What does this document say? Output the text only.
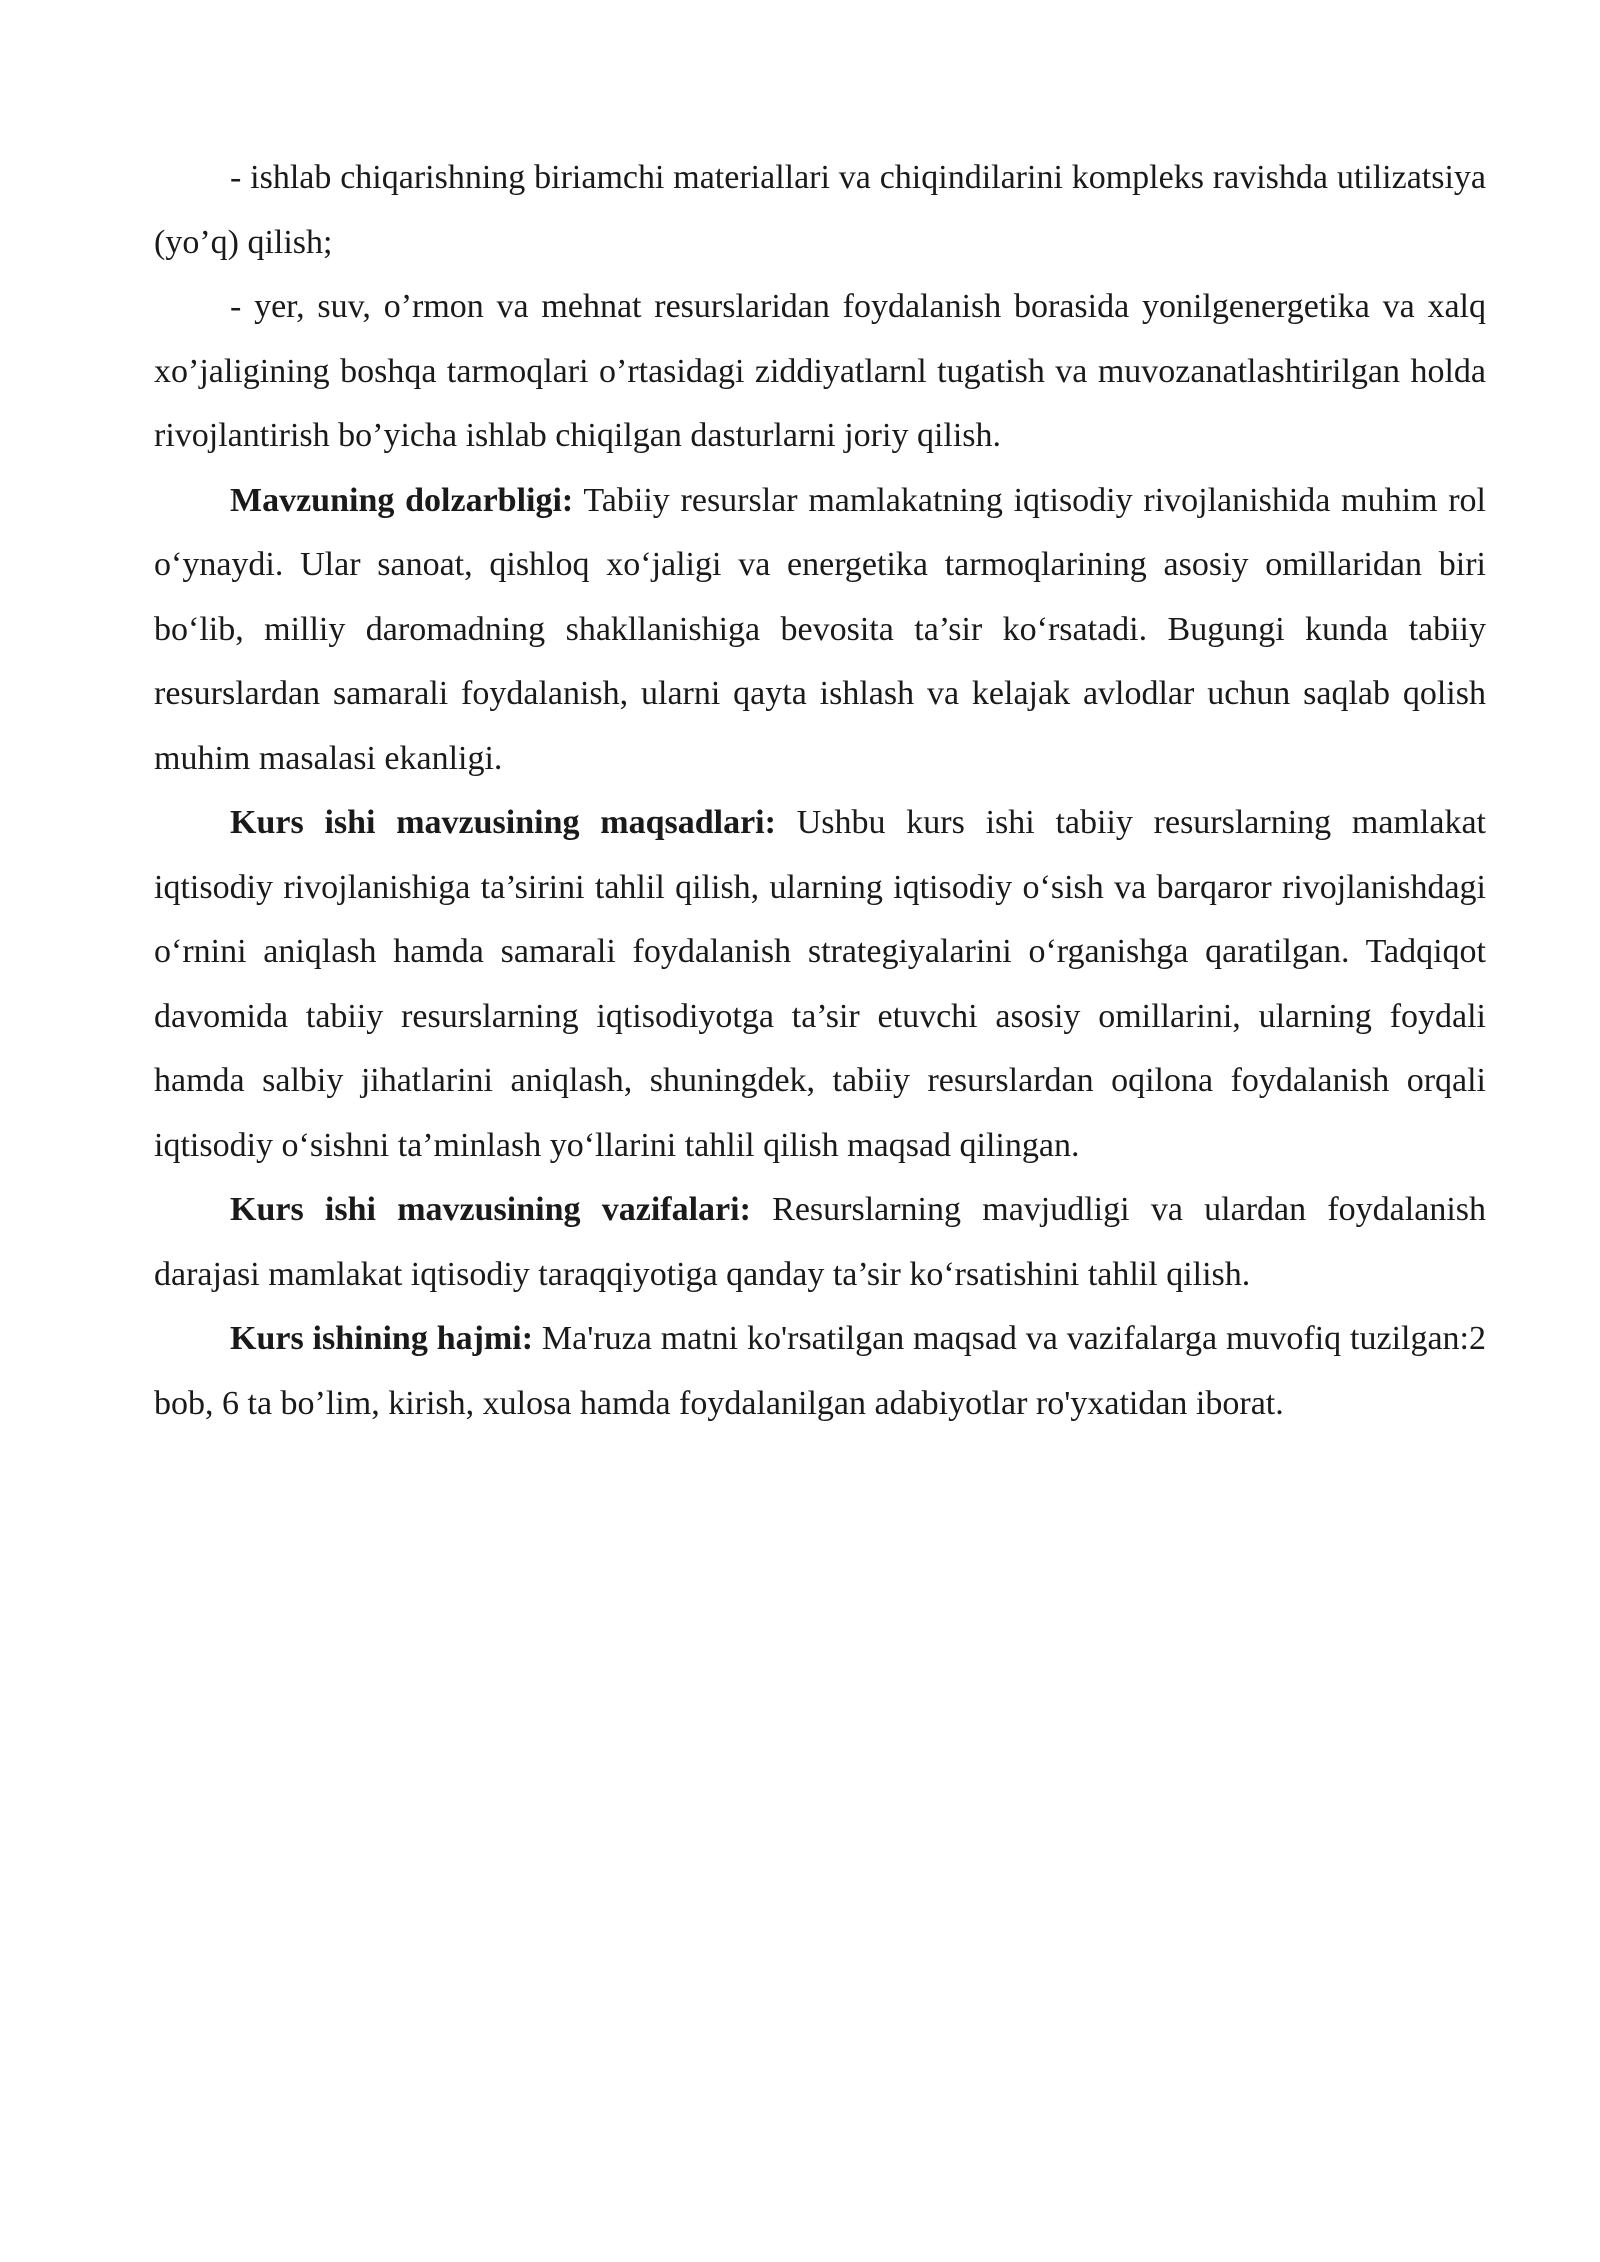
- ishlab chiqarishning biriamchi materiallari va chiqindilarini kompleks ravishda utilizatsiya (yo’q) qilish;

- yer, suv, o’rmon va mehnat resurslaridan foydalanish borasida yonilgenergetika va xalq xo’jaligining boshqa tarmoqlari o’rtasidagi ziddiyatlarnl tugatish va muvozanatlashtirilgan holda rivojlantirish bo’yicha ishlab chiqilgan dasturlarni joriy qilish.

Mavzuning dolzarbligi: Tabiiy resurslar mamlakatning iqtisodiy rivojlanishida muhim rol o‘ynaydi. Ular sanoat, qishloq xo‘jaligi va energetika tarmoqlarining asosiy omillaridan biri bo‘lib, milliy daromadning shakllanishiga bevosita ta’sir ko‘rsatadi. Bugungi kunda tabiiy resurslardan samarali foydalanish, ularni qayta ishlash va kelajak avlodlar uchun saqlab qolish muhim masalasi ekanligi.

Kurs ishi mavzusining maqsadlari: Ushbu kurs ishi tabiiy resurslarning mamlakat iqtisodiy rivojlanishiga ta’sirini tahlil qilish, ularning iqtisodiy o‘sish va barqaror rivojlanishdagi o‘rnini aniqlash hamda samarali foydalanish strategiyalarini o‘rganishga qaratilgan. Tadqiqot davomida tabiiy resurslarning iqtisodiyotga ta’sir etuvchi asosiy omillarini, ularning foydali hamda salbiy jihatlarini aniqlash, shuningdek, tabiiy resurslardan oqilona foydalanish orqali iqtisodiy o‘sishni ta’minlash yo‘llarini tahlil qilish maqsad qilingan.

Kurs ishi mavzusining vazifalari: Resurslarning mavjudligi va ulardan foydalanish darajasi mamlakat iqtisodiy taraqqiyotiga qanday ta’sir ko‘rsatishini tahlil qilish.

Kurs ishining hajmi: Ma'ruza matni ko'rsatilgan maqsad va vazifalarga muvofiq tuzilgan:2 bob, 6 ta bo’lim, kirish, xulosa hamda foydalanilgan adabiyotlar ro'yxatidan iborat.
